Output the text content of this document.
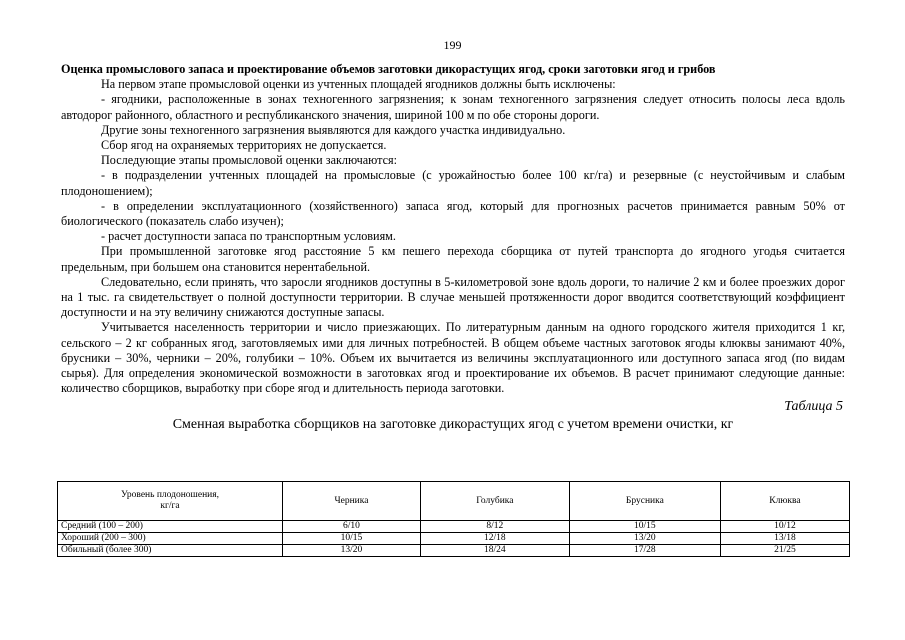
199

Оценка промыслового запаса и проектирование объемов заготовки дикорастущих ягод, сроки заготовки ягод и грибов

На первом этапе промысловой оценки из учтенных площадей ягодников должны быть исключены:

- ягодники, расположенные в зонах техногенного загрязнения; к зонам техногенного загрязнения следует относить полосы леса вдоль автодорог районного, областного и республиканского значения, шириной 100 м по обе стороны дороги.

Другие зоны техногенного загрязнения выявляются для каждого участка индивидуально.

Сбор ягод на охраняемых территориях не допускается.

Последующие этапы промысловой оценки заключаются:

- в подразделении учтенных площадей на промысловые (с урожайностью более 100 кг/га) и резервные (с неустойчивым и слабым плодоношением);

- в определении эксплуатационного (хозяйственного) запаса ягод, который для прогнозных расчетов принимается равным 50% от биологического (показатель слабо изучен);

- расчет доступности запаса по транспортным условиям.

При промышленной заготовке ягод расстояние 5 км пешего перехода сборщика от путей транспорта до ягодного угодья считается предельным, при большем она становится нерентабельной.

Следовательно, если принять, что заросли ягодников доступны в 5-километровой зоне вдоль дороги, то наличие 2 км и более проезжих дорог на 1 тыс. га свидетельствует о полной доступности территории. В случае меньшей протяженности дорог вводится соответствующий коэффициент доступности и на эту величину снижаются доступные запасы.

Учитывается населенность территории и число приезжающих. По литературным данным на одного городского жителя приходится 1 кг, сельского – 2 кг собранных ягод, заготовляемых ими для личных потребностей. В общем объеме частных заготовок ягоды клюквы занимают 40%, брусники – 30%, черники – 20%, голубики – 10%. Объем их вычитается из величины эксплуатационного или доступного запаса ягод (по видам сырья). Для определения экономической возможности в заготовках ягод и проектирование их объемов. В расчет принимают следующие данные: количество сборщиков, выработку при сборе ягод и длительность периода заготовки.

Таблица 5

Сменная выработка сборщиков на заготовке дикорастущих ягод с учетом времени очистки, кг

Уровень плодоношения,
кг/га	Черника	Голубика	Брусника	Клюква
Средний (100 – 200)	6/10	8/12	10/15	10/12
Хороший (200 – 300)	10/15	12/18	13/20	13/18
Обильный (более 300)	13/20	18/24	17/28	21/25
